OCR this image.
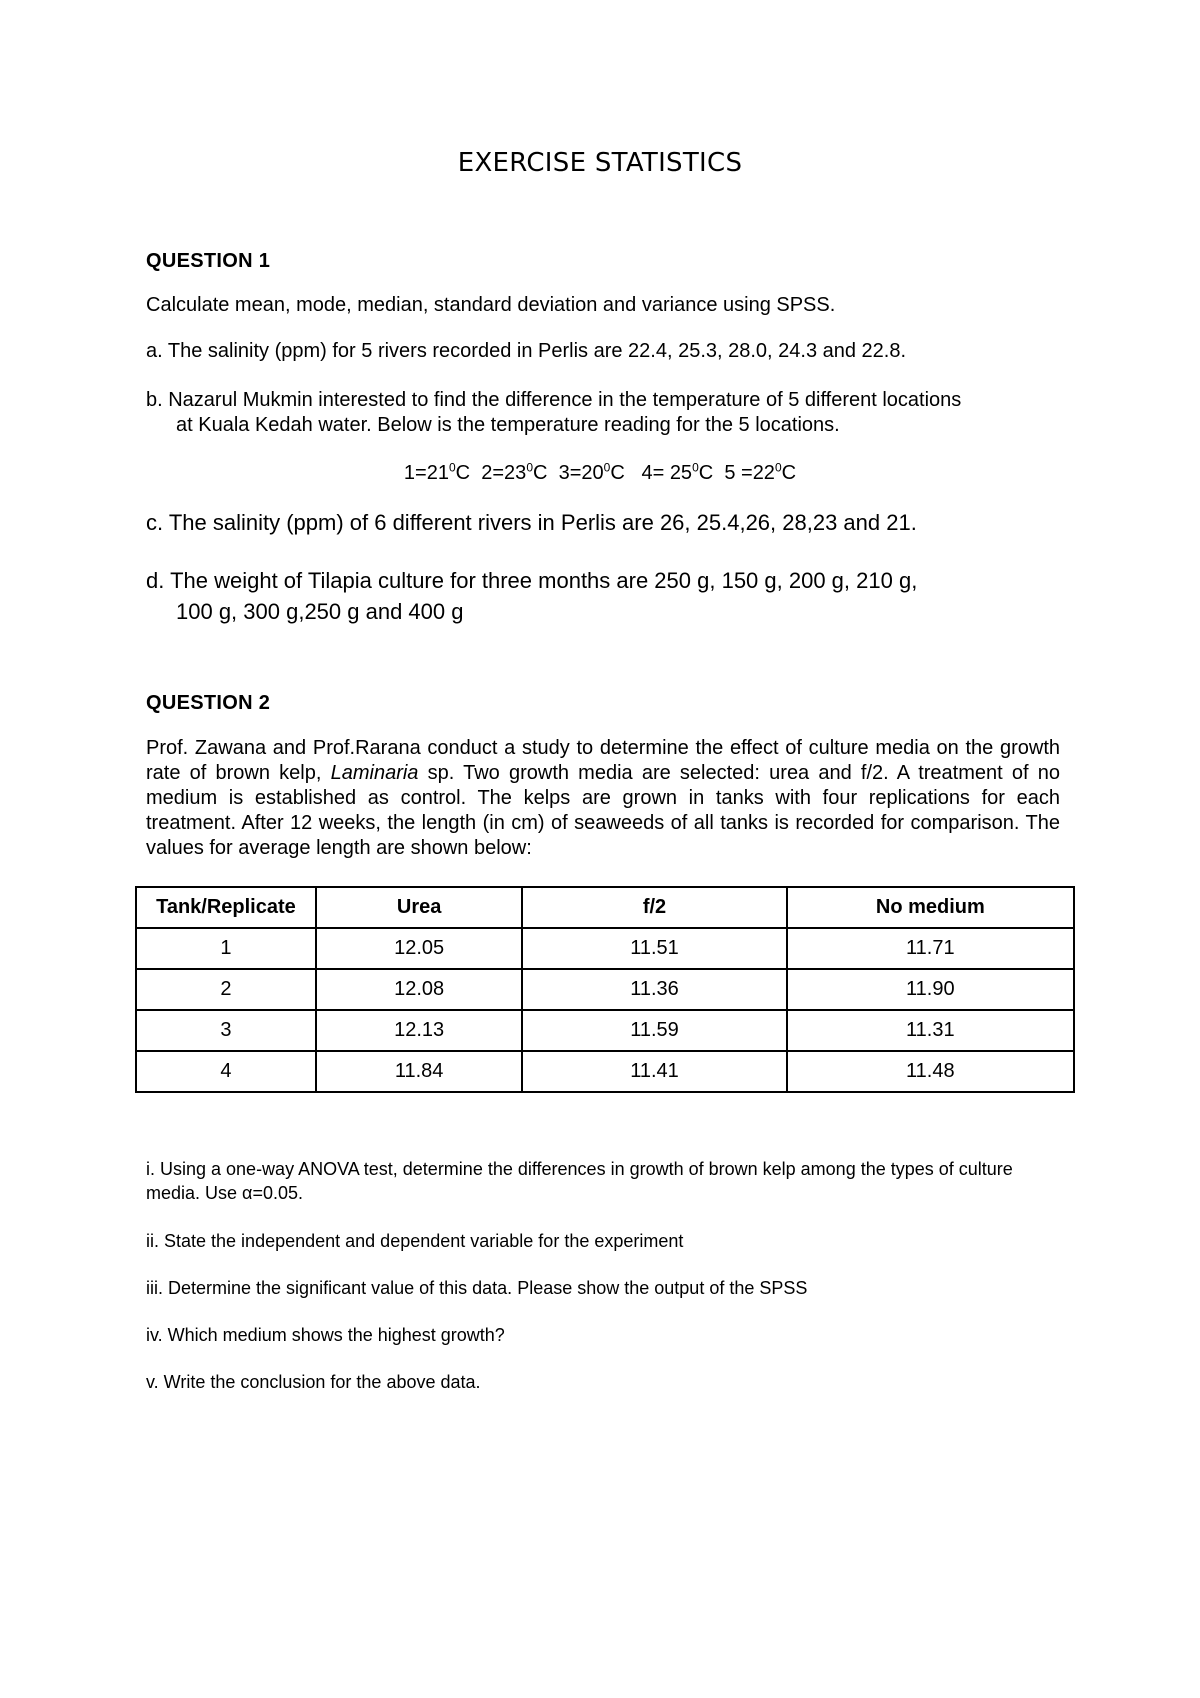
EXERCISE STATISTICS
QUESTION 1
Calculate mean, mode, median, standard deviation and variance using SPSS.
a. The salinity (ppm) for 5 rivers recorded in Perlis are 22.4, 25.3, 28.0, 24.3 and 22.8.
b. Nazarul Mukmin interested to find the difference in the temperature of 5 different locations
at Kuala Kedah water. Below is the temperature reading for the 5 locations.
$1=21^0C$ $2=23^0C$ $3=20^0C$ $4= 25^0C$ $5 =22^0C$
c. The salinity (ppm) of 6 different rivers in Perlis are 26, 25.4,26, 28,23 and 21.
d. The weight of Tilapia culture for three months are 250 g, 150 g, 200 g, 210 g,
100 g, 300 g,250 g and 400 g
QUESTION 2
Prof. Zawana and Prof.Rarana conduct a study to determine the effect of culture media on the growth rate of brown kelp, Laminaria sp. Two growth media are selected: urea and f/2. A treatment of no medium is established as control. The kelps are grown in tanks with four replications for each treatment. After 12 weeks, the length (in cm) of seaweeds of all tanks is recorded for comparison. The values for average length are shown below:
Tank/Replicate	Urea	f/2	No medium
1	12.05	11.51	11.71
2	12.08	11.36	11.90
3	12.13	11.59	11.31
4	11.84	11.41	11.48
i. Using a one-way ANOVA test, determine the differences in growth of brown kelp among the types of culture media. Use α=0.05.
ii. State the independent and dependent variable for the experiment
iii. Determine the significant value of this data. Please show the output of the SPSS
iv. Which medium shows the highest growth?
v. Write the conclusion for the above data.
